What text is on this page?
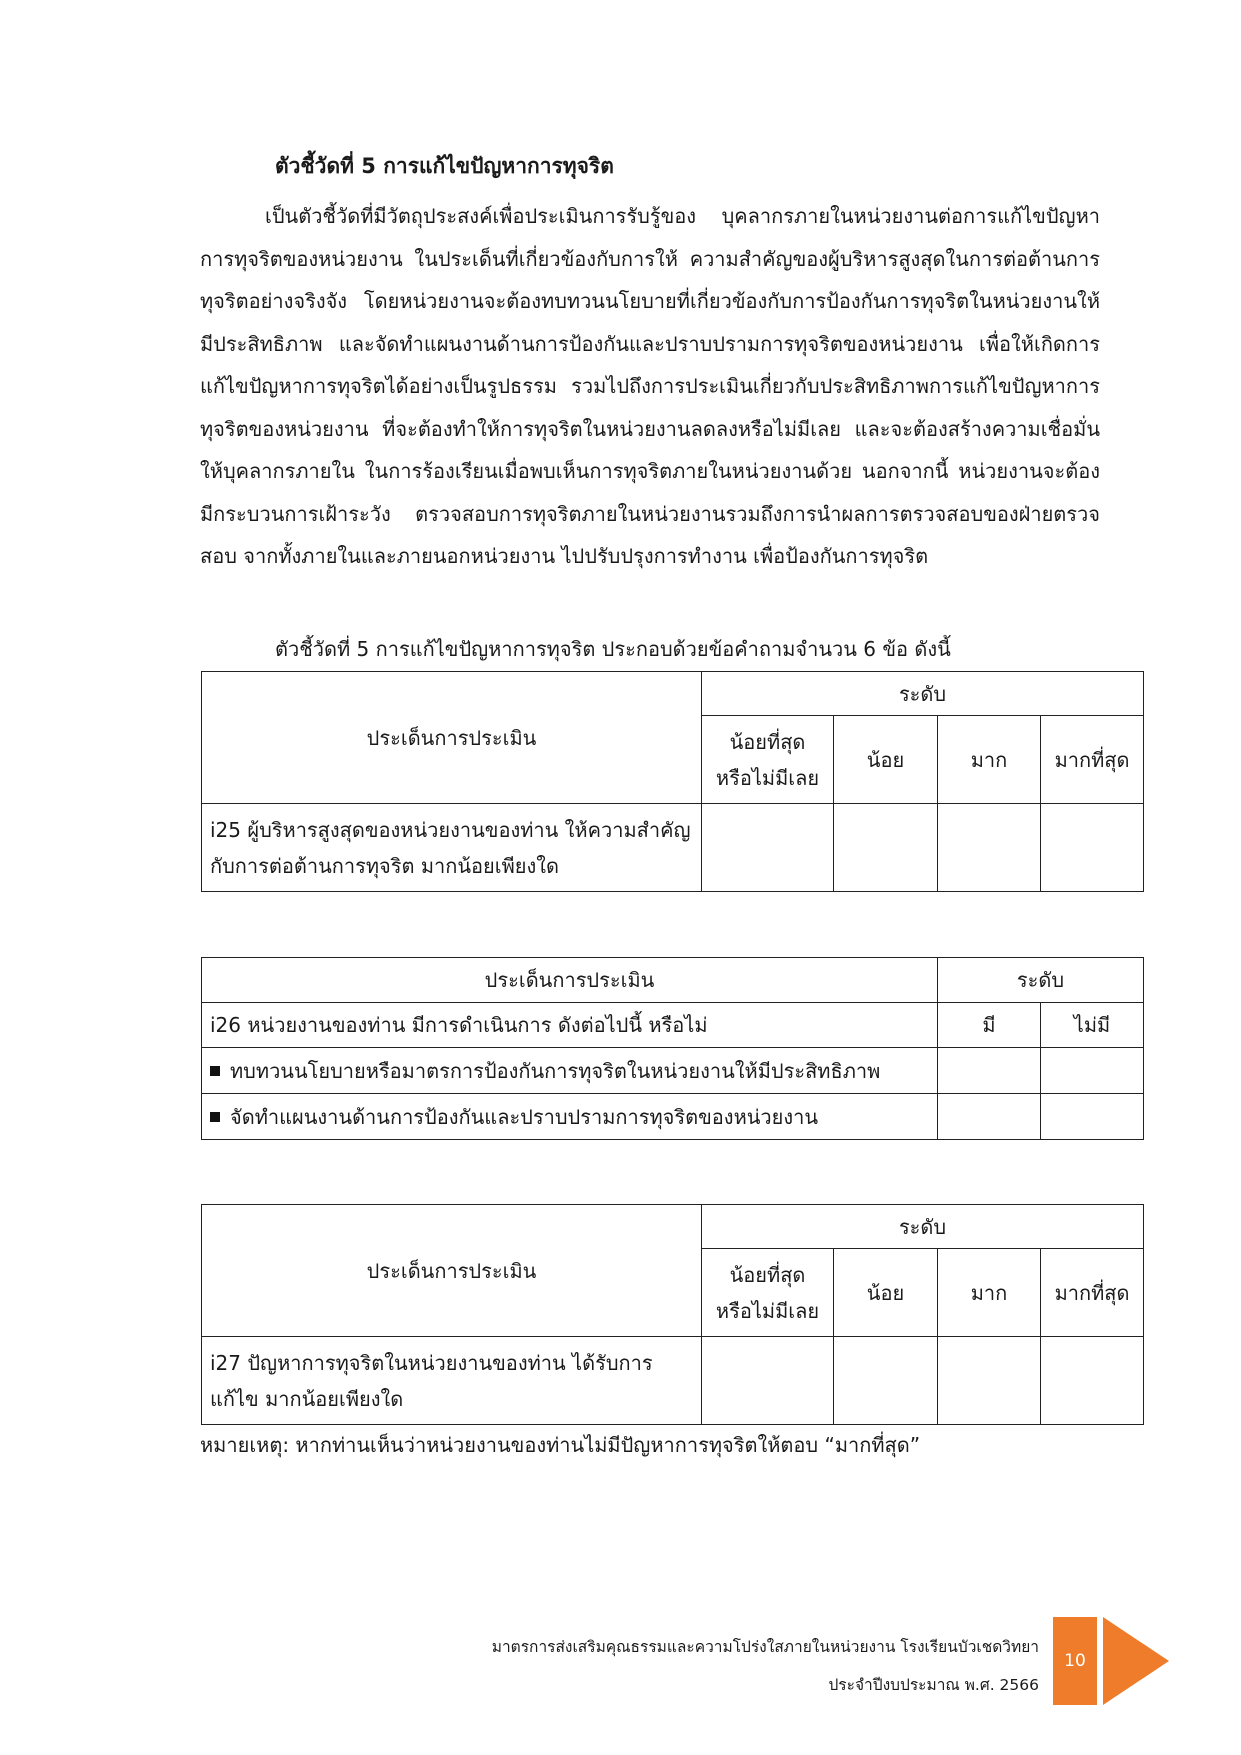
ตัวชี้วัดที่ 5 การแก้ไขปัญหาการทุจริต
เป็นตัวชี้วัดที่มีวัตถุประสงค์เพื่อประเมินการรับรู้ของ บุคลากรภายในหน่วยงานต่อการแก้ไขปัญหาการทุจริตของหน่วยงาน ในประเด็นที่เกี่ยวข้องกับการให้ ความสำคัญของผู้บริหารสูงสุดในการต่อต้านการทุจริตอย่างจริงจัง โดยหน่วยงานจะต้องทบทวนนโยบายที่เกี่ยวข้องกับการป้องกันการทุจริตในหน่วยงานให้มีประสิทธิภาพ และจัดทำแผนงานด้านการป้องกันและปราบปรามการทุจริตของหน่วยงาน เพื่อให้เกิดการแก้ไขปัญหาการทุจริตได้อย่างเป็นรูปธรรม รวมไปถึงการประเมินเกี่ยวกับประสิทธิภาพการแก้ไขปัญหาการทุจริตของหน่วยงาน ที่จะต้องทำให้การทุจริตในหน่วยงานลดลงหรือไม่มีเลย และจะต้องสร้างความเชื่อมั่นให้บุคลากรภายใน ในการร้องเรียนเมื่อพบเห็นการทุจริตภายในหน่วยงานด้วย นอกจากนี้ หน่วยงานจะต้องมีกระบวนการเฝ้าระวัง ตรวจสอบการทุจริตภายในหน่วยงานรวมถึงการนำผลการตรวจสอบของฝ่ายตรวจสอบ จากทั้งภายในและภายนอกหน่วยงาน ไปปรับปรุงการทำงาน เพื่อป้องกันการทุจริต
ตัวชี้วัดที่ 5 การแก้ไขปัญหาการทุจริต ประกอบด้วยข้อคำถามจำนวน 6 ข้อ ดังนี้
ประเด็นการประเมิน	ระดับ			
	น้อยที่สุด หรือไม่มีเลย	น้อย	มาก	มากที่สุด
i25 ผู้บริหารสูงสุดของหน่วยงานของท่าน ให้ความสำคัญกับการต่อต้านการทุจริต มากน้อยเพียงใด				
ประเด็นการประเมิน	ระดับ	
i26 หน่วยงานของท่าน มีการดำเนินการ ดังต่อไปนี้ หรือไม่	มี	ไม่มี
ทบทวนนโยบายหรือมาตรการป้องกันการทุจริตในหน่วยงานให้มีประสิทธิภาพ		
จัดทำแผนงานด้านการป้องกันและปราบปรามการทุจริตของหน่วยงาน		
ประเด็นการประเมิน	ระดับ			
	น้อยที่สุด หรือไม่มีเลย	น้อย	มาก	มากที่สุด
i27 ปัญหาการทุจริตในหน่วยงานของท่าน ได้รับการแก้ไข มากน้อยเพียงใด				
หมายเหตุ: หากท่านเห็นว่าหน่วยงานของท่านไม่มีปัญหาการทุจริตให้ตอบ “มากที่สุด”
มาตรการส่งเสริมคุณธรรมและความโปร่งใสภายในหน่วยงาน โรงเรียนบัวเชดวิทยา
ประจำปีงบประมาณ พ.ศ. 2566
10
